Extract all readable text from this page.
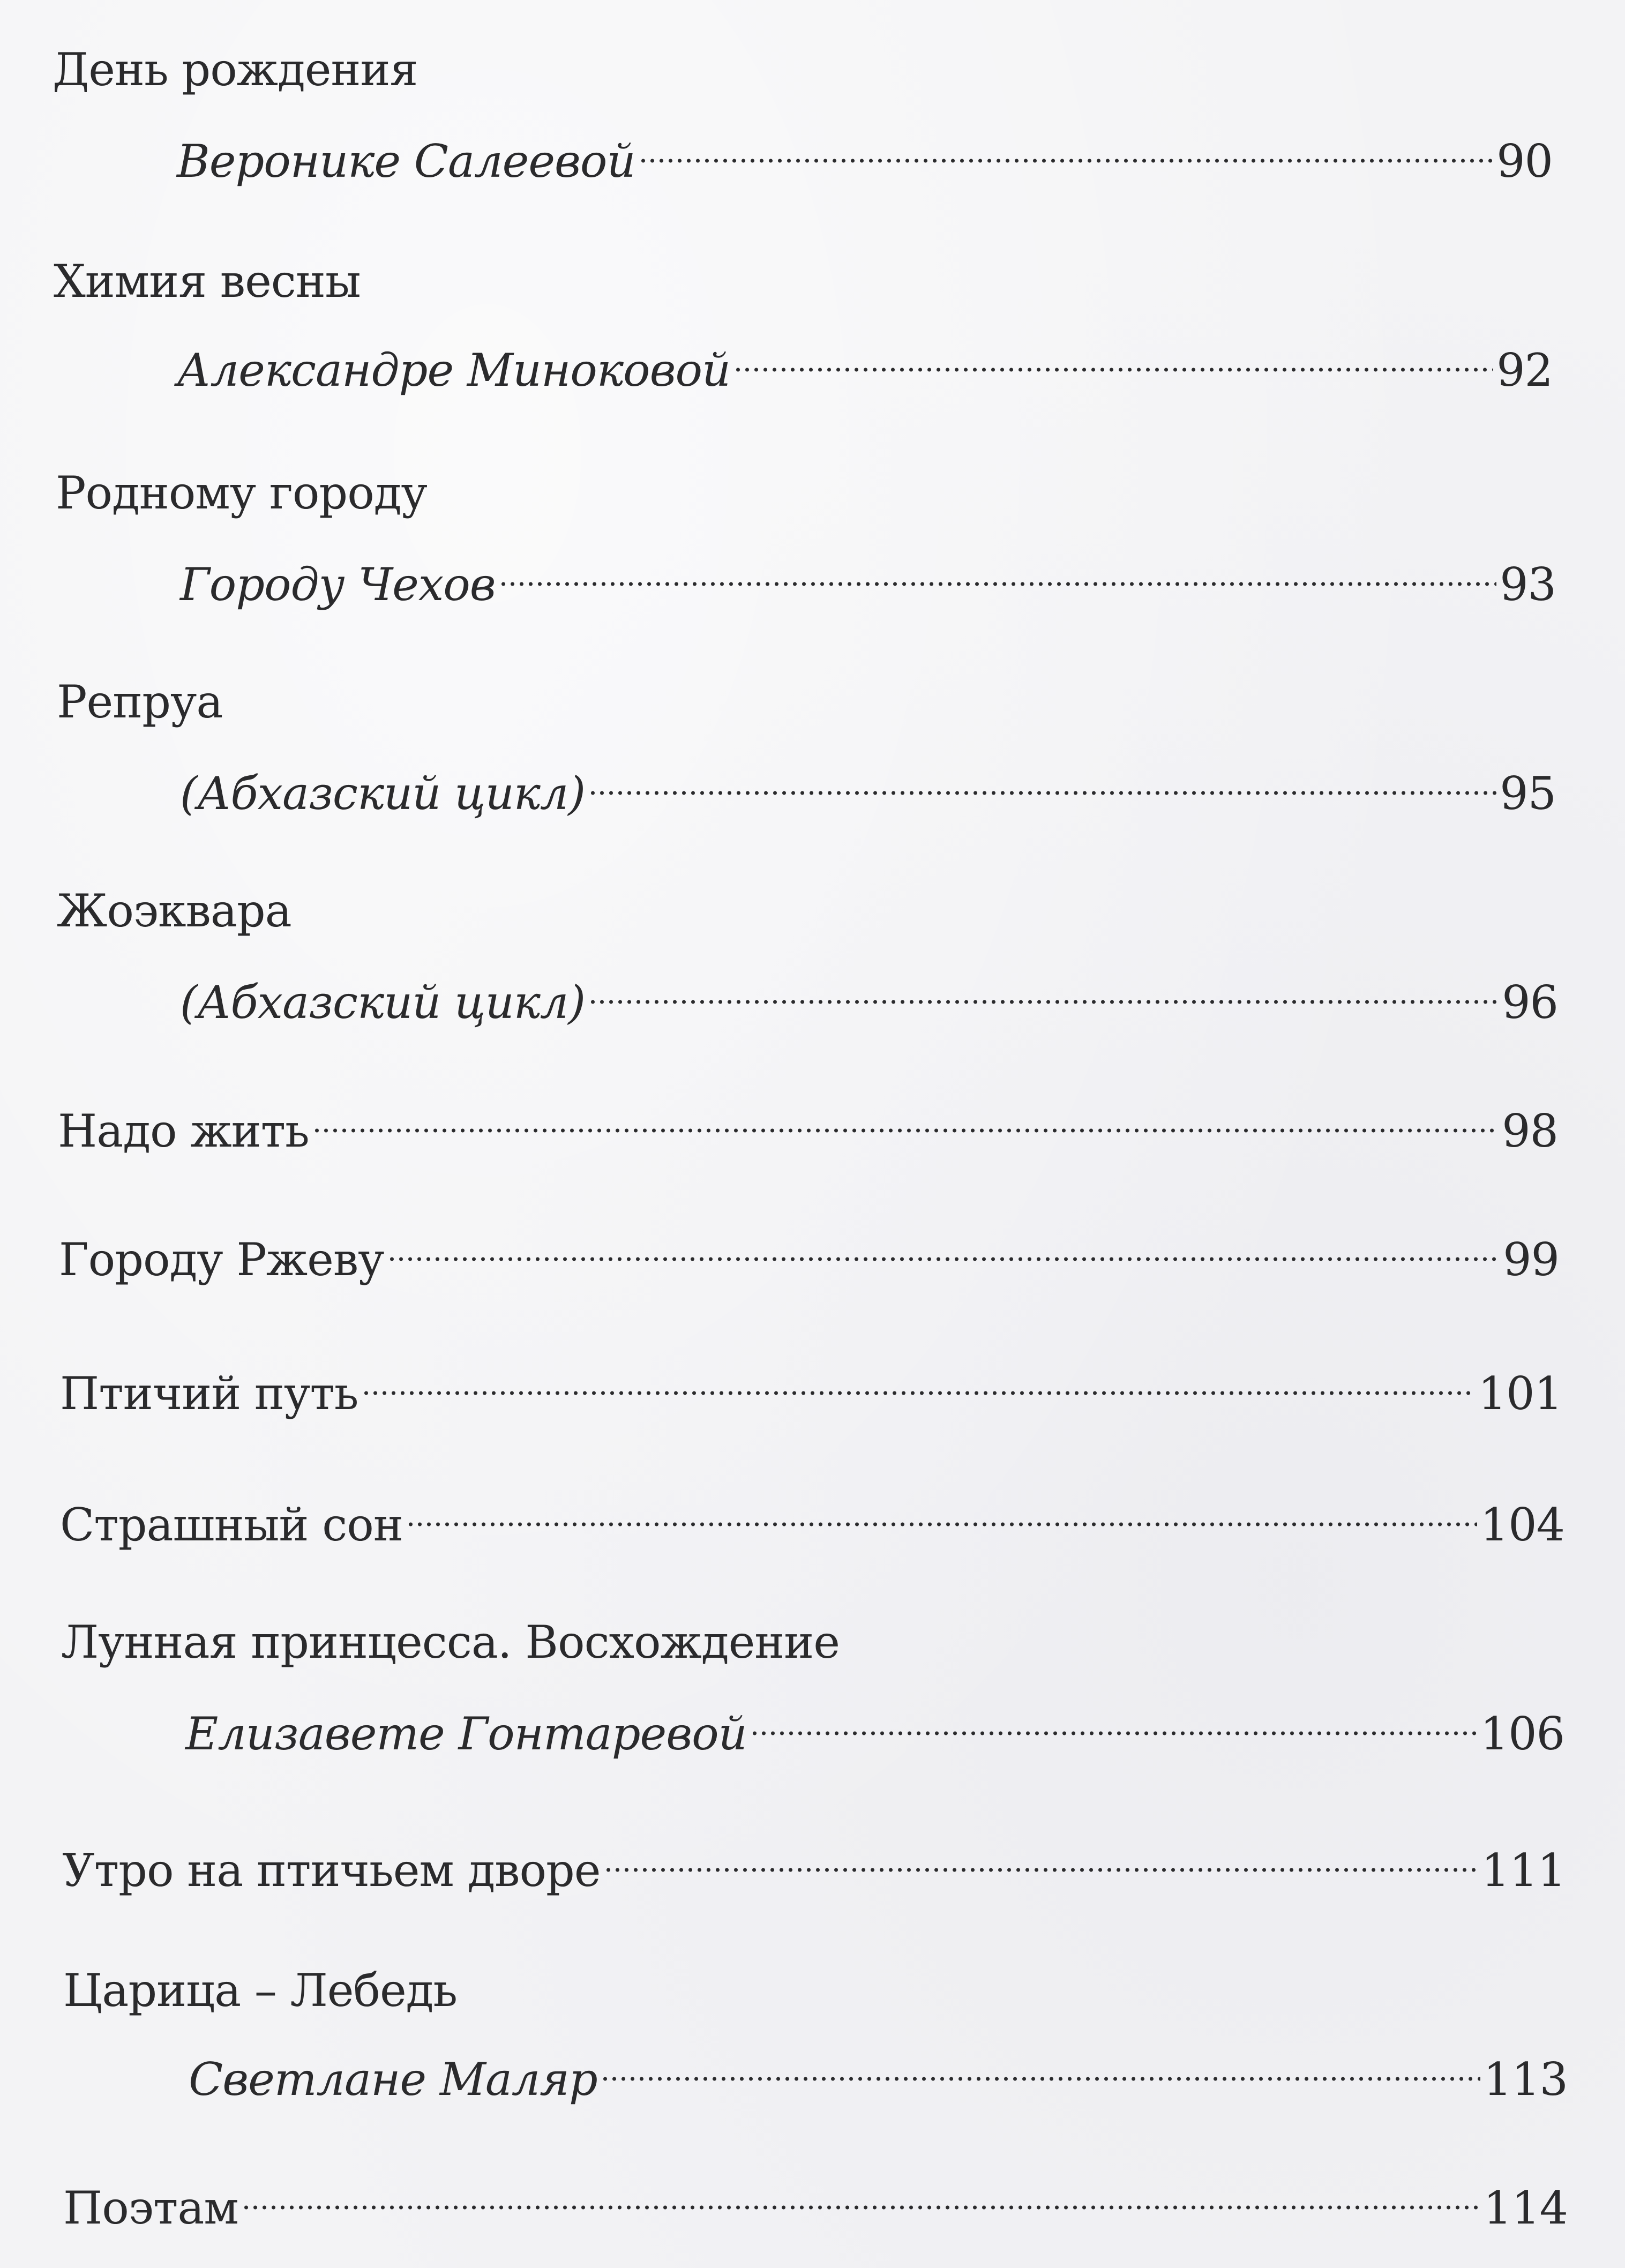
День рождения
Веронике Салеевой	90
Химия весны
Александре Миноковой	92
Родному городу
Городу Чехов	93
Репруа
(Абхазский цикл)	95
Жоэквара
(Абхазский цикл)	96
Надо жить	98
Городу Ржеву	99
Птичий путь	101
Страшный сон	104
Лунная принцесса. Восхождение
Елизавете Гонтаревой	106
Утро на птичьем дворе	111
Царица – Лебедь
Светлане Маляр	113
Поэтам	114
